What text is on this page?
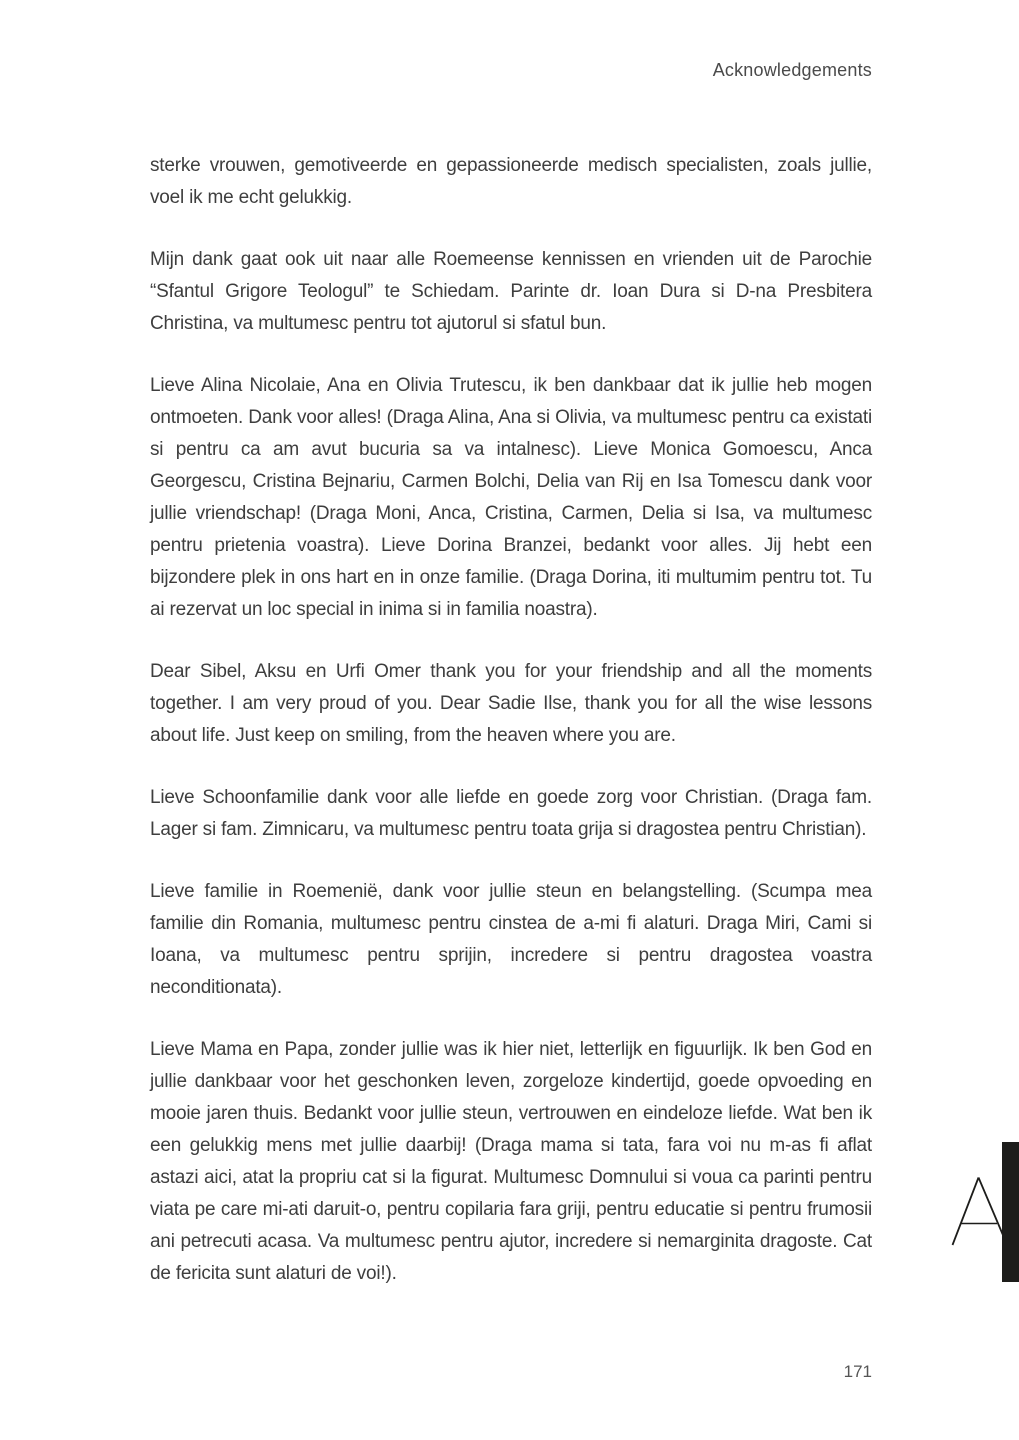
Acknowledgements

sterke vrouwen, gemotiveerde en gepassioneerde medisch specialisten, zoals jullie, voel ik me echt gelukkig.

Mijn dank gaat ook uit naar alle Roemeense kennissen en vrienden uit de Parochie “Sfantul Grigore Teologul” te Schiedam. Parinte dr. Ioan Dura si D-na Presbitera Christina, va multumesc pentru tot ajutorul si sfatul bun.

Lieve Alina Nicolaie, Ana en Olivia Trutescu, ik ben dankbaar dat ik jullie heb mogen ontmoeten. Dank voor alles! (Draga Alina, Ana si Olivia, va multumesc pentru ca existati si pentru ca am avut bucuria sa va intalnesc). Lieve Monica Gomoescu, Anca Georgescu, Cristina Bejnariu, Carmen Bolchi, Delia van Rij en Isa Tomescu dank voor jullie vriendschap! (Draga Moni, Anca, Cristina, Carmen, Delia si Isa, va multumesc pentru prietenia voastra). Lieve Dorina Branzei, bedankt voor alles. Jij hebt een bijzondere plek in ons hart en in onze familie. (Draga Dorina, iti multumim pentru tot. Tu ai rezervat un loc special in inima si in familia noastra).

Dear Sibel, Aksu en Urfi Omer thank you for your friendship and all the moments together. I am very proud of you. Dear Sadie Ilse, thank you for all the wise lessons about life. Just keep on smiling, from the heaven where you are.

Lieve Schoonfamilie dank voor alle liefde en goede zorg voor Christian. (Draga fam. Lager si fam. Zimnicaru, va multumesc pentru toata grija si dragostea pentru Christian).

Lieve familie in Roemenië, dank voor jullie steun en belangstelling. (Scumpa mea familie din Romania, multumesc pentru cinstea de a-mi fi alaturi. Draga Miri, Cami si Ioana, va multumesc pentru sprijin, incredere si pentru dragostea voastra neconditionata).

Lieve Mama en Papa, zonder jullie was ik hier niet, letterlijk en figuurlijk. Ik ben God en jullie dankbaar voor het geschonken leven, zorgeloze kindertijd, goede opvoeding en mooie jaren thuis. Bedankt voor jullie steun, vertrouwen en eindeloze liefde. Wat ben ik een gelukkig mens met jullie daarbij! (Draga mama si tata, fara voi nu m-as fi aflat astazi aici, atat la propriu cat si la figurat. Multumesc Domnului si voua ca parinti pentru viata pe care mi-ati daruit-o, pentru copilaria fara griji, pentru educatie si pentru frumosii ani petrecuti acasa. Va multumesc pentru ajutor, incredere si nemarginita dragoste. Cat de fericita sunt alaturi de voi!).

171
